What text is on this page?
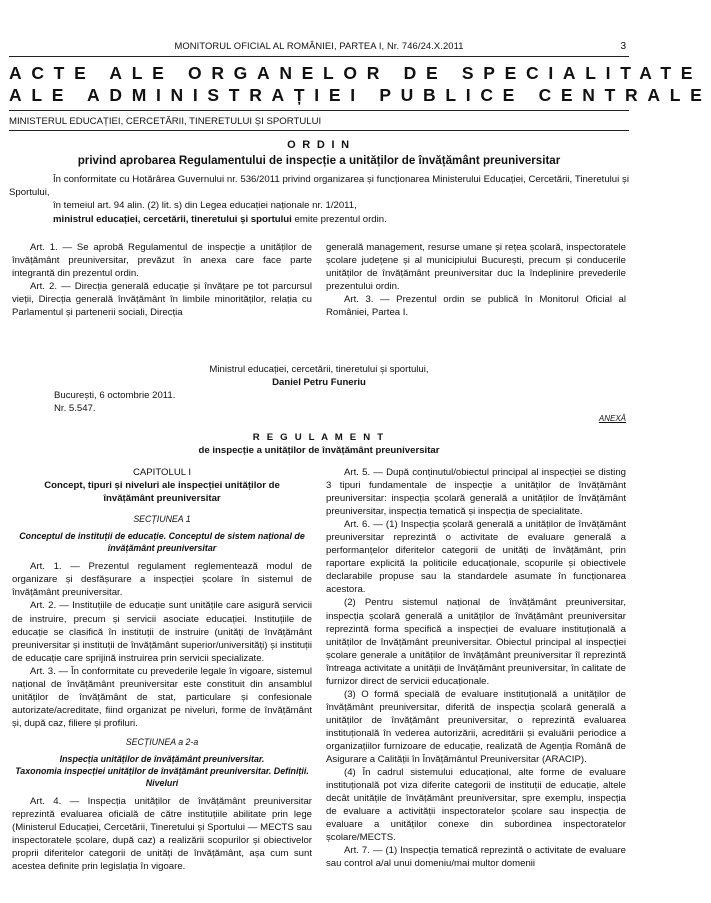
MONITORUL OFICIAL AL ROMÂNIEI, PARTEA I, Nr. 746/24.X.2011	3
ACTE ALE ORGANELOR DE SPECIALITATE
ALE ADMINISTRAȚIEI PUBLICE CENTRALE
MINISTERUL EDUCAȚIEI, CERCETĂRII, TINERETULUI ȘI SPORTULUI
O R D I N
privind aprobarea Regulamentului de inspecție a unităților de învățământ preuniversitar

În conformitate cu Hotărârea Guvernului nr. 536/2011 privind organizarea și funcționarea Ministerului Educației, Cercetării, Tineretului și Sportului,

în temeiul art. 94 alin. (2) lit. s) din Legea educației naționale nr. 1/2011,

ministrul educației, cercetării, tineretului și sportului emite prezentul ordin.

Art. 1. — Se aprobă Regulamentul de inspecție a unităților de învățământ preuniversitar, prevăzut în anexa care face parte integrantă din prezentul ordin.

Art. 2. — Direcția generală educație și învățare pe tot parcursul vieții, Direcția generală învățământ în limbile minorităților, relația cu Parlamentul și partenerii sociali, Direcția

generală management, resurse umane și rețea școlară, inspectoratele școlare județene și al municipiului București, precum și conducerile unităților de învățământ preuniversitar duc la îndeplinire prevederile prezentului ordin.

Art. 3. — Prezentul ordin se publică în Monitorul Oficial al României, Partea I.

Ministrul educației, cercetării, tineretului și sportului,
Daniel Petru Funeriu
București, 6 octombrie 2011.
Nr. 5.547.
ANEXĂ
R E G U L A M E N T
de inspecție a unităților de învățământ preuniversitar
CAPITOLUL I
Concept, tipuri și niveluri ale inspecției unităților de învățământ preuniversitar
SECȚIUNEA 1
Conceptul de instituții de educație. Conceptul de sistem național de învățământ preuniversitar

Art. 1. — Prezentul regulament reglementează modul de organizare și desfășurare a inspecției școlare în sistemul de învățământ preuniversitar.

Art. 2. — Instituțiile de educație sunt unitățile care asigură servicii de instruire, precum și servicii asociate educației. Instituțiile de educație se clasifică în instituții de instruire (unități de învățământ preuniversitar și instituții de învățământ superior/universități) și instituții de educație care sprijină instruirea prin servicii specializate.

Art. 3. — În conformitate cu prevederile legale în vigoare, sistemul național de învățământ preuniversitar este constituit din ansamblul unităților de învățământ de stat, particulare și confesionale autorizate/acreditate, fiind organizat pe niveluri, forme de învățământ și, după caz, filiere și profiluri.

SECȚIUNEA a 2-a
Inspecția unităților de învățământ preuniversitar.
Taxonomia inspecției unităților de învățământ preuniversitar. Definiții. Niveluri

Art. 4. — Inspecția unităților de învățământ preuniversitar reprezintă evaluarea oficială de către instituțiile abilitate prin lege (Ministerul Educației, Cercetării, Tineretului și Sportului — MECTS sau inspectoratele școlare, după caz) a realizării scopurilor și obiectivelor proprii diferitelor categorii de unități de învățământ, așa cum sunt acestea definite prin legislația în vigoare.

Art. 5. — După conținutul/obiectul principal al inspecției se disting 3 tipuri fundamentale de inspecție a unităților de învățământ preuniversitar: inspecția școlară generală a unităților de învățământ preuniversitar, inspecția tematică și inspecția de specialitate.

Art. 6. — (1) Inspecția școlară generală a unităților de învățământ preuniversitar reprezintă o activitate de evaluare generală a performanțelor diferitelor categorii de unități de învățământ, prin raportare explicită la politicile educaționale, scopurile și obiectivele declarabile propuse sau la standardele asumate în funcționarea acestora.

(2) Pentru sistemul național de învățământ preuniversitar, inspecția școlară generală a unităților de învățământ preuniversitar reprezintă forma specifică a inspecției de evaluare instituțională a unităților de învățământ preuniversitar. Obiectul principal al inspecției școlare generale a unităților de învățământ preuniversitar îl reprezintă întreaga activitate a unității de învățământ preuniversitar, în calitate de furnizor direct de servicii educaționale.

(3) O formă specială de evaluare instituțională a unităților de învățământ preuniversitar, diferită de inspecția școlară generală a unităților de învățământ preuniversitar, o reprezintă evaluarea instituțională în vederea autorizării, acreditării și evaluării periodice a organizațiilor furnizoare de educație, realizată de Agenția Română de Asigurare a Calității în Învățământul Preuniversitar (ARACIP).

(4) În cadrul sistemului educațional, alte forme de evaluare instituțională pot viza diferite categorii de instituții de educație, altele decât unitățile de învățământ preuniversitar, spre exemplu, inspecția de evaluare a activității inspectoratelor școlare sau inspecția de evaluare a unităților conexe din subordinea inspectoratelor școlare/MECTS.

Art. 7. — (1) Inspecția tematică reprezintă o activitate de evaluare sau control a/al unui domeniu/mai multor domenii
